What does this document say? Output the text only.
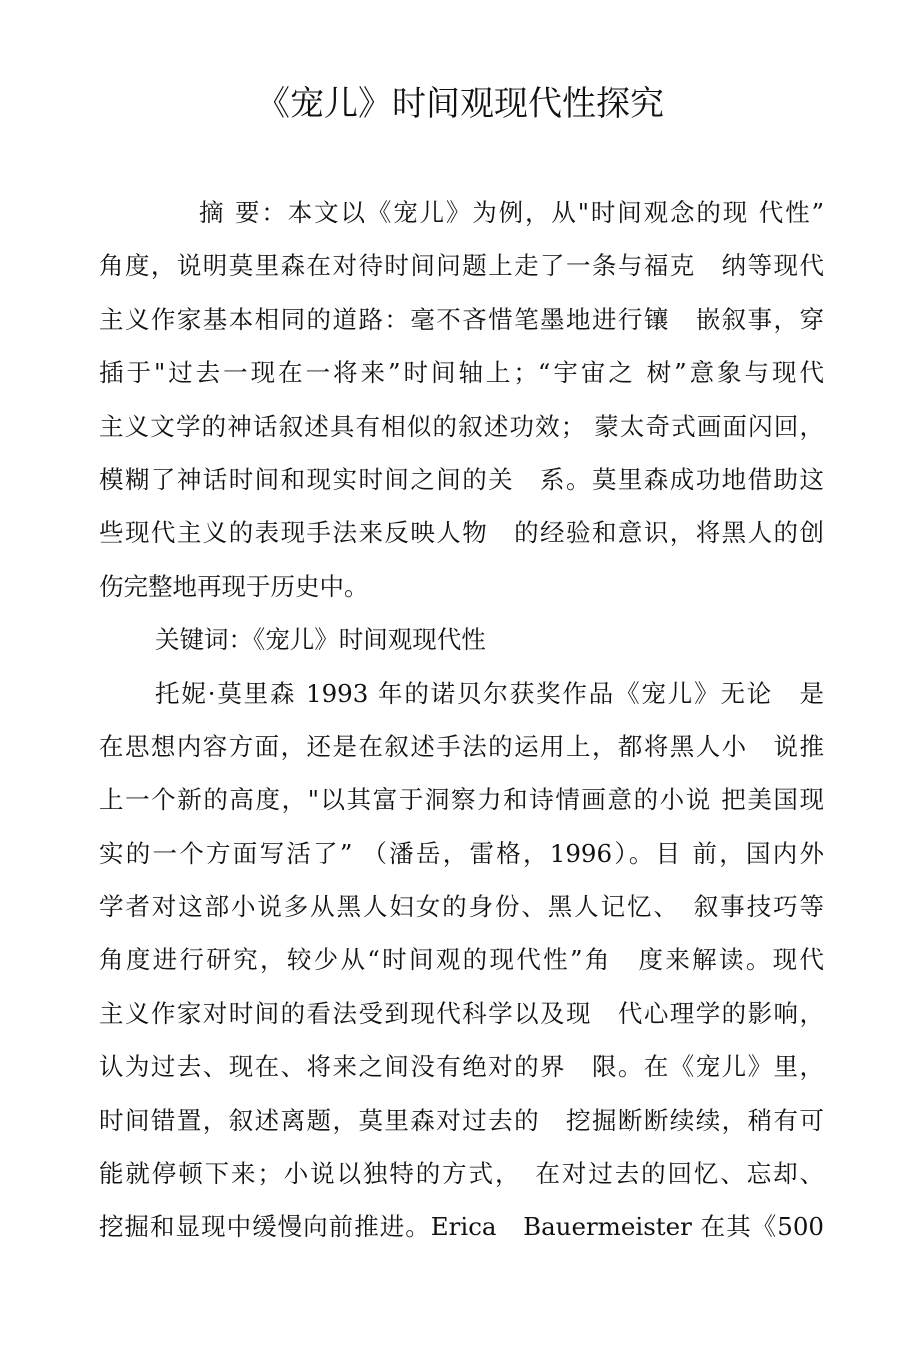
《宠儿》时间观现代性探究
摘 要：本文以《宠儿》为例，从"时间观念的现 代性”
角度，说明莫里森在对待时间问题上走了一条与福克　纳等现代
主义作家基本相同的道路：毫不吝惜笔墨地进行镶　嵌叙事，穿
插于"过去一现在一将来”时间轴上；“宇宙之 树”意象与现代
主义文学的神话叙述具有相似的叙述功效； 蒙太奇式画面闪回，
模糊了神话时间和现实时间之间的关　系。莫里森成功地借助这
些现代主义的表现手法来反映人物　的经验和意识，将黑人的创
伤完整地再现于历史中。
关键词：《宠儿》时间观现代性
托妮·莫里森 1993 年的诺贝尔获奖作品《宠儿》无论　是
在思想内容方面，还是在叙述手法的运用上，都将黑人小　说推
上一个新的高度，"以其富于洞察力和诗情画意的小说 把美国现
实的一个方面写活了” （潘岳，雷格，1996）。目 前，国内外
学者对这部小说多从黑人妇女的身份、黑人记忆、　叙事技巧等
角度进行研究，较少从“时间观的现代性”角　度来解读。现代
主义作家对时间的看法受到现代科学以及现　代心理学的影响，
认为过去、现在、将来之间没有绝对的界　限。在《宠儿》里，
时间错置，叙述离题，莫里森对过去的　挖掘断断续续，稍有可
能就停顿下来；小说以独特的方式，　在对过去的回忆、忘却、
挖掘和显现中缓慢向前推进。Erica　Bauermeister 在其《500
